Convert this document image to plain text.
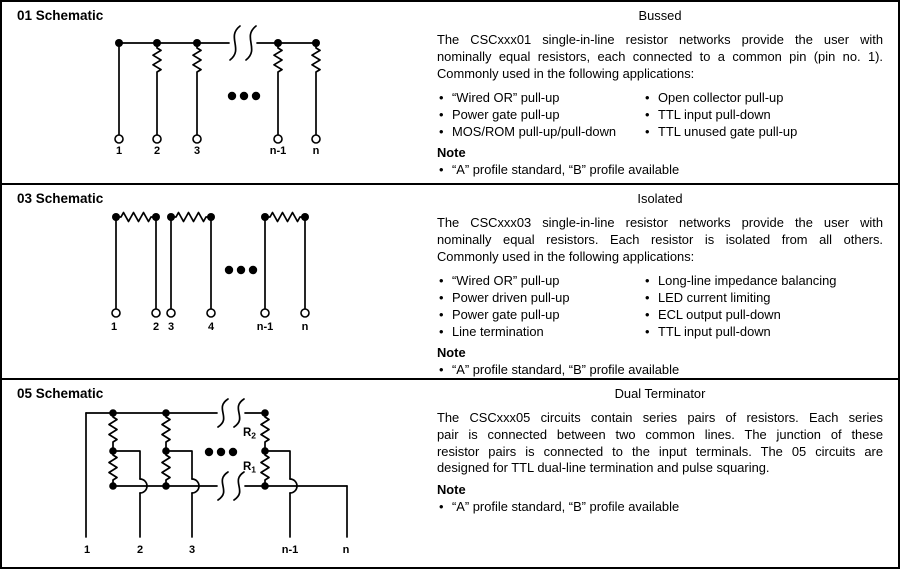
01 Schematic
1	2	3	n-1 n
Bussed
The CSCxxx01 single-in-line resistor networks provide the user with
nominally equal resistors, each connected to a common pin (pin no. 1).
Commonly used in the following applications:
• “Wired OR” pull-up
• Power gate pull-up
• MOS/ROM pull-up/pull-down
• Open collector pull-up
• TTL input pull-down
• TTL unused gate pull-up
Note
• “A” profile standard, “B” profile available
03 Schematic
1	2 3	4	n-1	n
Isolated
The CSCxxx03 single-in-line resistor networks provide the user with
nominally equal resistors. Each resistor is isolated from all others.
Commonly used in the following applications:
• “Wired OR” pull-up
• Power driven pull-up
• Power gate pull-up
• Line termination
• Long-line impedance balancing
• LED current limiting
• ECL output pull-down
• TTL input pull-down
Note
• “A” profile standard, “B” profile available
05 Schematic
$R_2$
$R_1$
1	2	3	n-1	n
Dual Terminator
The CSCxxx05 circuits contain series pairs of resistors. Each series
pair is connected between two common lines. The junction of these
resistor pairs is connected to the input terminals. The 05 circuits are
designed for TTL dual-line termination and pulse squaring.
Note
• “A” profile standard, “B” profile available
